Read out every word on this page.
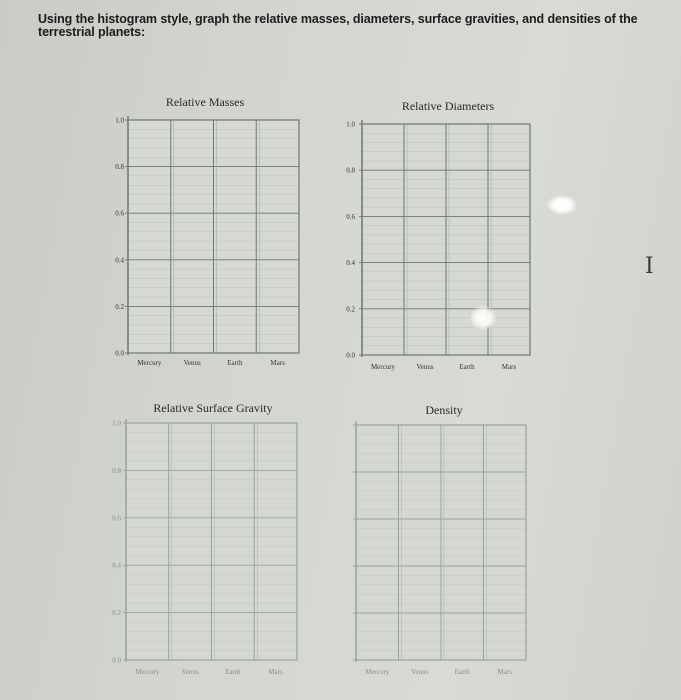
Using the histogram style, graph the relative masses, diameters, surface gravities, and densities of the terrestrial planets:
Relative Masses	Relative Diameters
Relative Surface Gravity	Density
1.0
0.8
0.6
0.4
0.2
0.0
Mercury	Venus	Earth	Mars
1.0
0.8
0.6
0.4
0.2
0.0
Mercury	Venus	Earth	Mars
1.0
0.8
0.6
0.4
0.2
0.0
Mercury	Venus	Earth	Mars	Mercury	Venus	Earth	Mars
I
